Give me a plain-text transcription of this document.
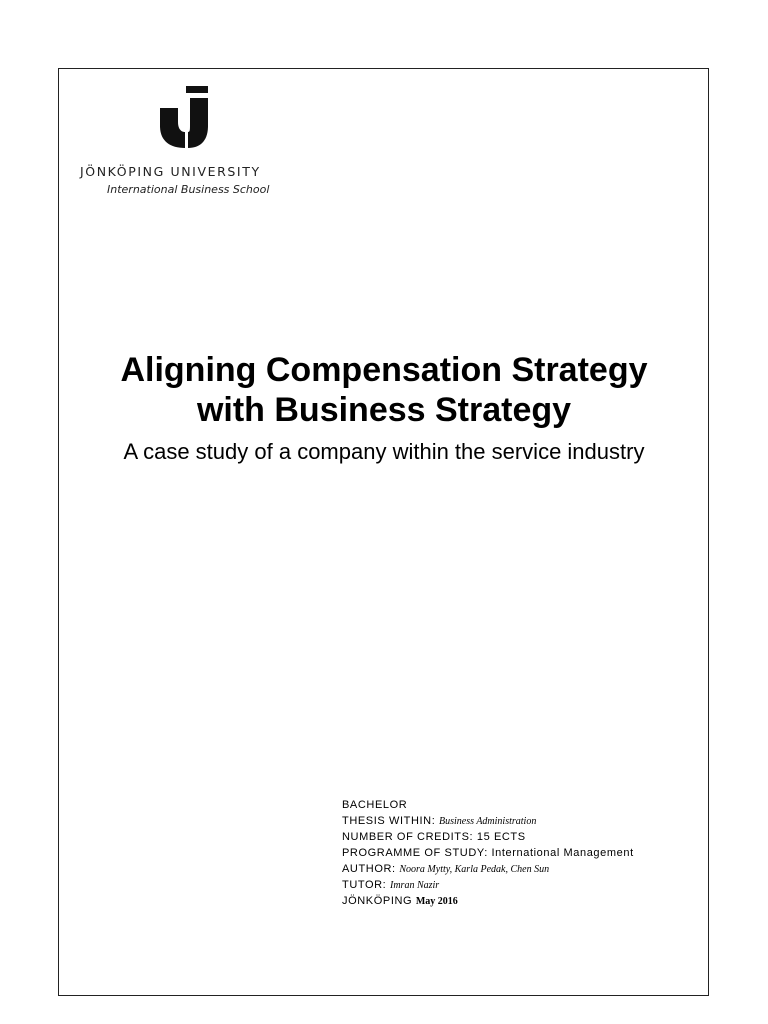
JÖNKÖPING UNIVERSITY
International Business School
Aligning Compensation Strategy
with Business Strategy

A case study of a company within the service industry

BACHELOR
THESIS WITHIN: Business Administration
NUMBER OF CREDITS: 15 ECTS
PROGRAMME OF STUDY: International Management
AUTHOR: Noora Mytty, Karla Pedak, Chen Sun
TUTOR: Imran Nazir
JÖNKÖPING May 2016
